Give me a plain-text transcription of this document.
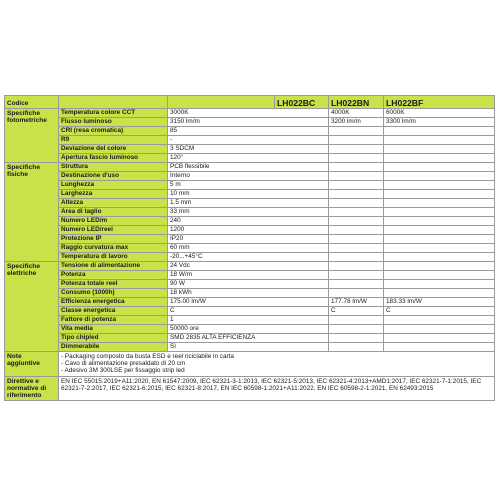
Codice			LH022BC	LH022BN	LH022BF
Specifiche fotometriche	Temperatura colore CCT	3000K		4000K	6000K
	Flusso luminoso	3150 lm/m		3200 lm/m	3300 lm/m
	CRI (resa cromatica)	85			
	R9	-			
	Deviazione del colore	3 SDCM			
	Apertura fascio luminoso	120°			
Specifiche fisiche	Struttura	PCB flessibile			
	Destinazione d'uso	Interno			
	Lunghezza	5 m			
	Larghezza	10 mm			
	Altezza	1.5 mm			
	Area di taglio	33 mm			
	Numero LED/m	240			
	Numero LED/reel	1200			
	Protezione IP	IP20			
	Raggio curvatura max	60 mm			
	Temperatura di lavoro	-20...+45°C			
Specifiche elettriche	Tensione di alimentazione	24 Vdc			
	Potenza	18 W/m			
	Potenza totale reel	90 W			
	Consumo (1000h)	18 kWh			
	Efficienza energetica	175.00 lm/W		177.78 lm/W	183.33 lm/W
	Classe energetica	C		C	C
	Fattore di potenza	1			
	Vita media	50000 ore			
	Tipo chipled	SMD 2835 ALTA EFFICIENZA			
	Dimmerabile	Sì			
Note aggiuntive	- Packaging composto da busta ESD e reel riciclabile in carta
- Cavo di alimentazione presaldato di 20 cm
- Adesivo 3M 300LSE per fissaggio strip led				

Direttive e normative di riferimento	EN IEC 55015:2019+A11:2020, EN 61547:2009, IEC 62321-3-1:2013, IEC 62321-5:2013, IEC 62321-4:2013+AMD1:2017, IEC 62321-7-1:2015, IEC 62321-7-2:2017, IEC 62321-6:2015, IEC 62321-8:2017, EN IEC 60598-1:2021+A11:2022, EN IEC 60598-2-1:2021, EN 62493:2015				
